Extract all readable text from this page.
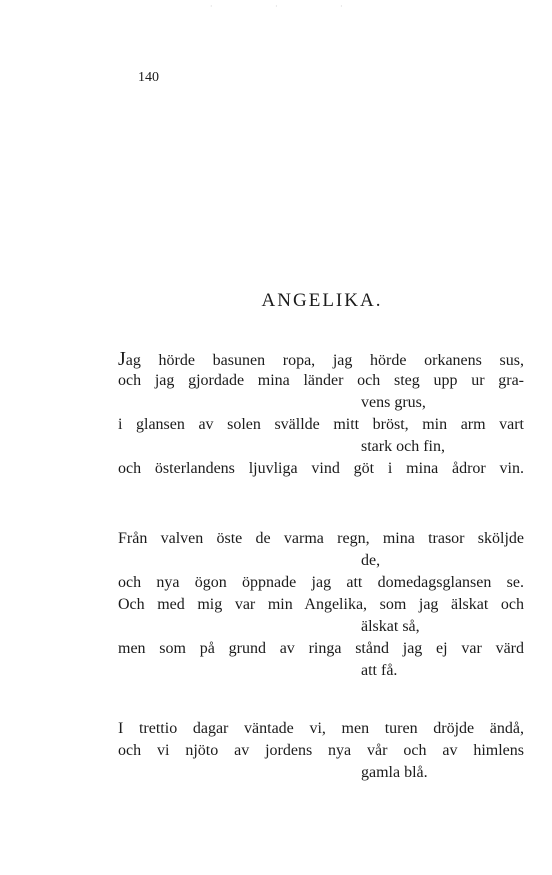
· · ·
140
ANGELIKA.
Jag hörde basunen ropa, jag hörde orkanens sus,
och jag gjordade mina länder och steg upp ur gra-
vens grus,
i glansen av solen svällde mitt bröst, min arm vart
stark och fin,
och österlandens ljuvliga vind göt i mina ådror vin.
Från valven öste de varma regn, mina trasor sköljde
de,
och nya ögon öppnade jag att domedagsglansen se.
Och med mig var min Angelika, som jag älskat och
älskat så,
men som på grund av ringa stånd jag ej var värd
att få.
I trettio dagar väntade vi, men turen dröjde ändå,
och vi njöto av jordens nya vår och av himlens
gamla blå.
